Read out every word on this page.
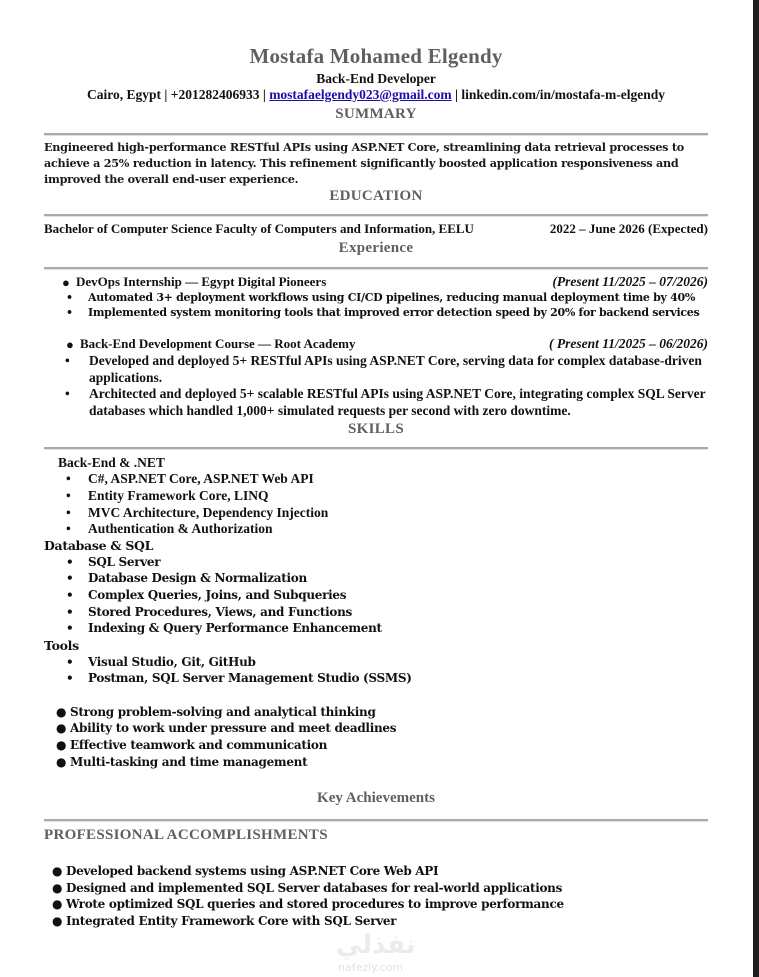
Mostafa Mohamed Elgendy
Back-End Developer
Cairo, Egypt | +201282406933 | mostafaelgendy023@gmail.com | linkedin.com/in/mostafa-m-elgendy
SUMMARY
Engineered high-performance RESTful APIs using ASP.NET Core, streamlining data retrieval processes to achieve a 25% reduction in latency. This refinement significantly boosted application responsiveness and improved the overall end-user experience.
EDUCATION
Bachelor of Computer Science Faculty of Computers and Information, EELU	2022 – June 2026 (Expected)
Experience
● DevOps Internship — Egypt Digital Pioneers	(Present 11/2025 – 07/2026)
• Automated 3+ deployment workflows using CI/CD pipelines, reducing manual deployment time by 40%
• Implemented system monitoring tools that improved error detection speed by 20% for backend services
● Back-End Development Course — Root Academy	( Present 11/2025 – 06/2026)
• Developed and deployed 5+ RESTful APIs using ASP.NET Core, serving data for complex database-driven applications.
• Architected and deployed 5+ scalable RESTful APIs using ASP.NET Core, integrating complex SQL Server databases which handled 1,000+ simulated requests per second with zero downtime.
SKILLS
Back-End & .NET
• C#, ASP.NET Core, ASP.NET Web API
• Entity Framework Core, LINQ
• MVC Architecture, Dependency Injection
• Authentication & Authorization
Database & SQL
• SQL Server
• Database Design & Normalization
• Complex Queries, Joins, and Subqueries
• Stored Procedures, Views, and Functions
• Indexing & Query Performance Enhancement
Tools
• Visual Studio, Git, GitHub
• Postman, SQL Server Management Studio (SSMS)
● Strong problem-solving and analytical thinking
● Ability to work under pressure and meet deadlines
● Effective teamwork and communication
● Multi-tasking and time management
Key Achievements
PROFESSIONAL ACCOMPLISHMENTS
● Developed backend systems using ASP.NET Core Web API
● Designed and implemented SQL Server databases for real-world applications
● Wrote optimized SQL queries and stored procedures to improve performance
● Integrated Entity Framework Core with SQL Server
نفذلي
nafezly.com
